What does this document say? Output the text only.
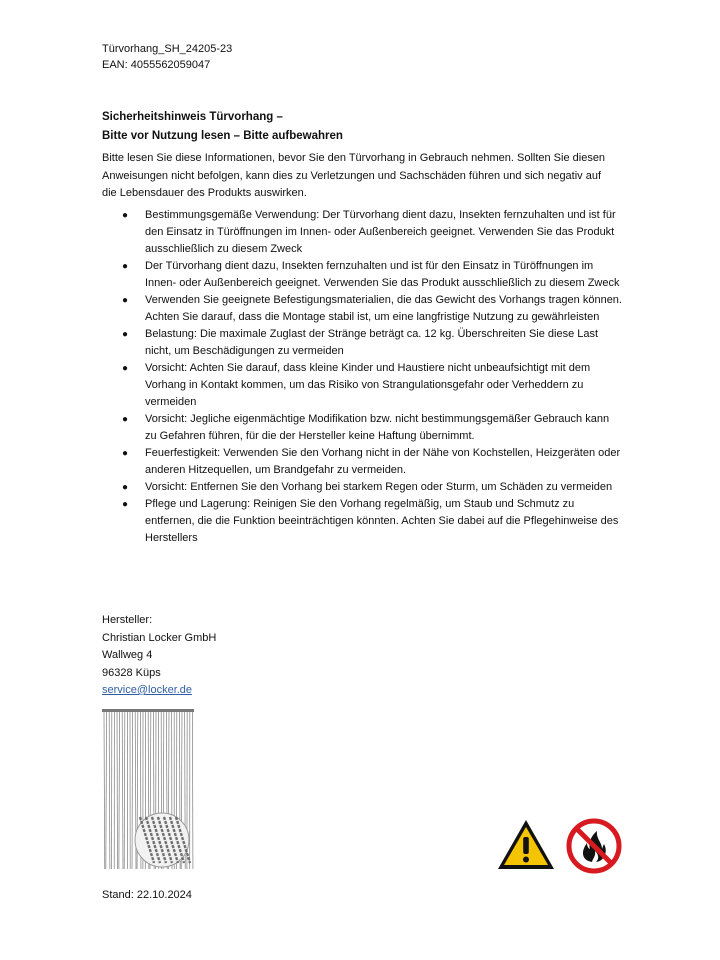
Türvorhang_SH_24205-23
EAN: 4055562059047
Sicherheitshinweis Türvorhang –
Bitte vor Nutzung lesen – Bitte aufbewahren
Bitte lesen Sie diese Informationen, bevor Sie den Türvorhang in Gebrauch nehmen. Sollten Sie diesen Anweisungen nicht befolgen, kann dies zu Verletzungen und Sachschäden führen und sich negativ auf die Lebensdauer des Produkts auswirken.
● Bestimmungsgemäße Verwendung: Der Türvorhang dient dazu, Insekten fernzuhalten und ist für den Einsatz in Türöffnungen im Innen- oder Außenbereich geeignet. Verwenden Sie das Produkt ausschließlich zu diesem Zweck
● Der Türvorhang dient dazu, Insekten fernzuhalten und ist für den Einsatz in Türöffnungen im Innen- oder Außenbereich geeignet. Verwenden Sie das Produkt ausschließlich zu diesem Zweck
● Verwenden Sie geeignete Befestigungsmaterialien, die das Gewicht des Vorhangs tragen können. Achten Sie darauf, dass die Montage stabil ist, um eine langfristige Nutzung zu gewährleisten
● Belastung: Die maximale Zuglast der Stränge beträgt ca. 12 kg. Überschreiten Sie diese Last nicht, um Beschädigungen zu vermeiden
● Vorsicht: Achten Sie darauf, dass kleine Kinder und Haustiere nicht unbeaufsichtigt mit dem Vorhang in Kontakt kommen, um das Risiko von Strangulationsgefahr oder Verheddern zu vermeiden
● Vorsicht: Jegliche eigenmächtige Modifikation bzw. nicht bestimmungsgemäßer Gebrauch kann zu Gefahren führen, für die der Hersteller keine Haftung übernimmt.
● Feuerfestigkeit: Verwenden Sie den Vorhang nicht in der Nähe von Kochstellen, Heizgeräten oder anderen Hitzequellen, um Brandgefahr zu vermeiden.
● Vorsicht: Entfernen Sie den Vorhang bei starkem Regen oder Sturm, um Schäden zu vermeiden
● Pflege und Lagerung: Reinigen Sie den Vorhang regelmäßig, um Staub und Schmutz zu entfernen, die die Funktion beeinträchtigen könnten. Achten Sie dabei auf die Pflegehinweise des Herstellers
Hersteller:
Christian Locker GmbH
Wallweg 4
96328 Küps
service@locker.de
Stand: 22.10.2024
